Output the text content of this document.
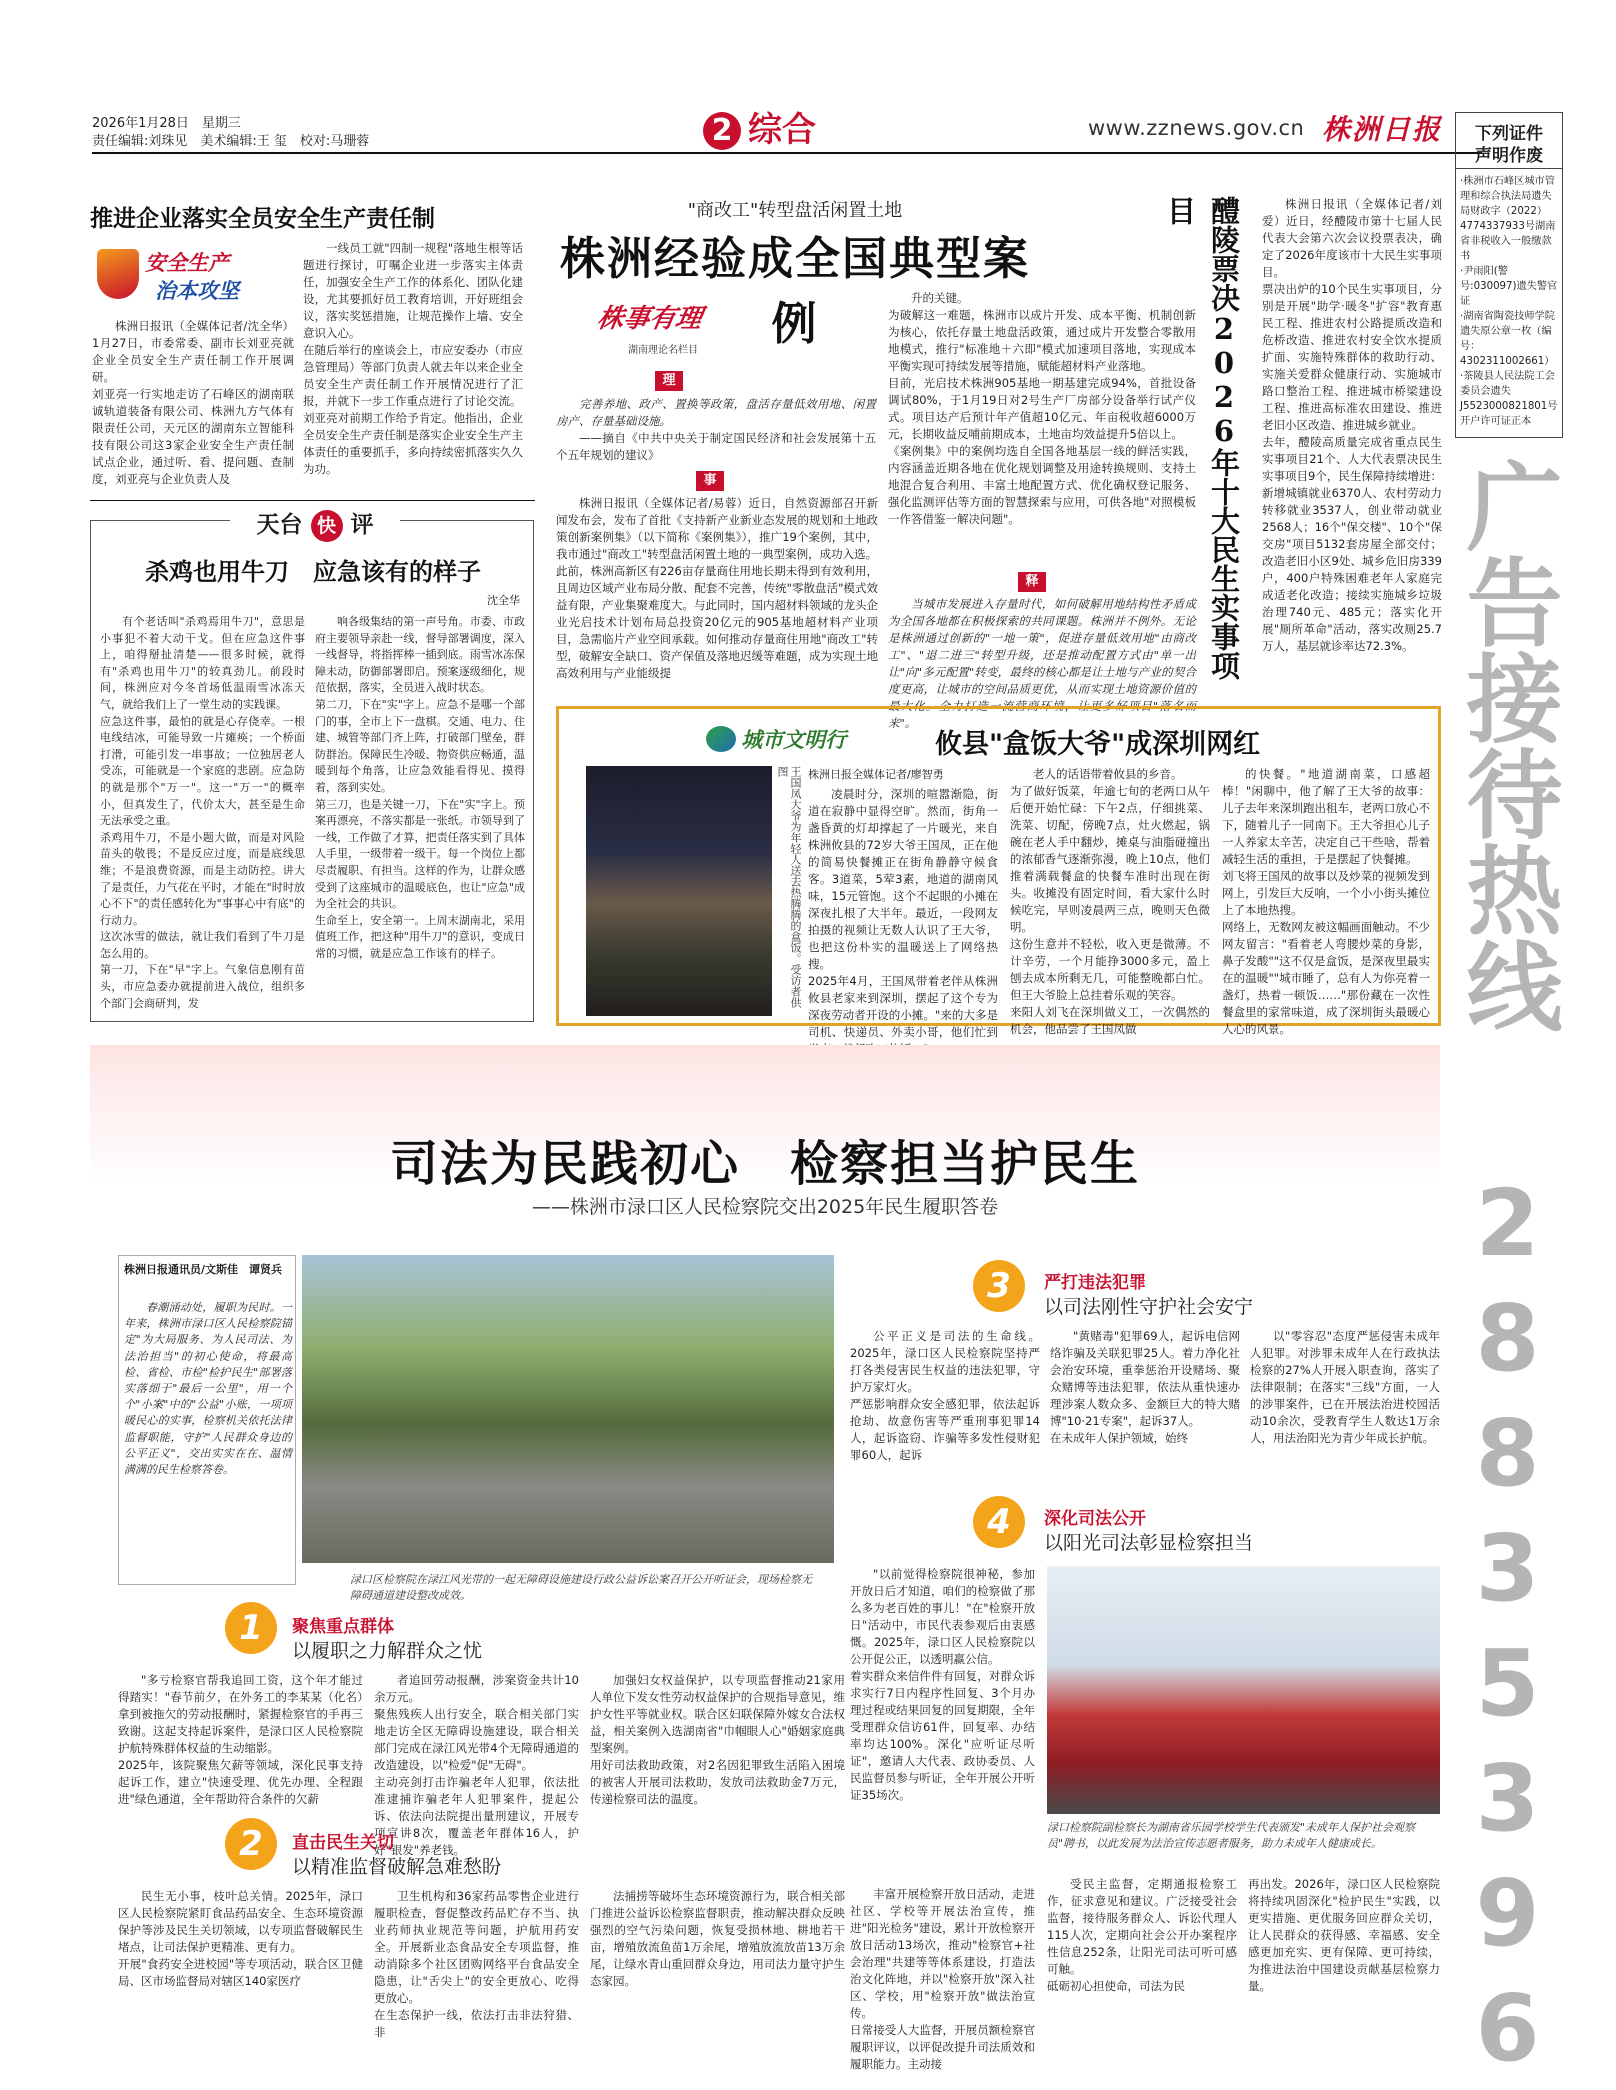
2026年1月28日　星期三
责任编辑:刘珠见　美术编辑:王 玺　校对:马珊蓉	2 综合	www.zznews.gov.cn 株洲日报	下列证件
声明作废
·株洲市石峰区城市管理和综合执法局遗失局财政字（2022）4774337933号湖南省非税收入一般缴款书
·尹雨阳(警号:030097)遗失警官证
·湖南省陶瓷技师学院遗失原公章一枚（编号：4302311002661）
·茶陵县人民法院工会委员会遗失J5523000821801号开户许可证正本
广告接待热线
28835396
推进企业落实全员安全生产责任制
安全生产
治本攻坚
株洲日报讯（全媒体记者/沈全华）1月27日，市委常委、副市长刘亚亮就企业全员安全生产责任制工作开展调研。
刘亚亮一行实地走访了石峰区的湖南联诚轨道装备有限公司、株洲九方气体有限责任公司，天元区的湖南东立智能科技有限公司这3家企业安全生产责任制试点企业，通过听、看、提问题、查制度，刘亚亮与企业负责人及
一线员工就"四制一规程"落地生根等话题进行探讨，叮嘱企业进一步落实主体责任，加强安全生产工作的体系化、团队化建设，尤其要抓好员工教育培训，开好班组会议，落实奖惩措施，让规范操作上墙、安全意识入心。
在随后举行的座谈会上，市应安委办（市应急管理局）等部门负责人就去年以来企业全员安全生产责任制工作开展情况进行了汇报，并就下一步工作重点进行了讨论交流。
刘亚亮对前期工作给予肯定。他指出，企业全员安全生产责任制是落实企业安全生产主体责任的重要抓手，多向持续密抓落实久久为功。
天台 快 评
杀鸡也用牛刀　应急该有的样子
沈全华
有个老话叫"杀鸡焉用牛刀"，意思是小事犯不着大动干戈。但在应急这件事上，咱得掰扯清楚——很多时候，就得有"杀鸡也用牛刀"的较真劲儿。前段时间，株洲应对今冬首场低温雨雪冰冻天气，就给我们上了一堂生动的实践课。
应急这件事，最怕的就是心存侥幸。一根电线结冰，可能导致一片瘫痪；一个桥面打滑，可能引发一串事故；一位独居老人受冻，可能就是一个家庭的悲剧。应急防的就是那个"万一"。这一"万一"的概率小，但真发生了，代价太大，甚至是生命无法承受之重。
杀鸡用牛刀，不是小题大做，而是对风险苗头的敬畏；不是反应过度，而是底线思维；不是浪费资源，而是主动防控。讲大了是责任，力气花在平时，才能在"时时放心不下"的责任感转化为"事事心中有底"的行动力。
这次冰雪的做法，就让我们看到了牛刀是怎么用的。
第一刀，下在"早"字上。气象信息刚有苗头，市应急委办就提前进入战位，组织多个部门会商研判，发
响各级集结的第一声号角。市委、市政府主要领导亲赴一线，督导部署调度，深入一线督导，将指挥棒一插到底。雨雪冰冻保障未动，防御部署即启。预案逐级细化，规范依据，落实，全员进入战时状态。
第二刀，下在"实"字上。应急不是哪一个部门的事，全市上下一盘棋。交通、电力、住建、城管等部门齐上阵，打破部门壁垒，群防群治。保障民生冷暖、物资供应畅通，温暖到每个角落，让应急效能看得见、摸得着，落到实处。
第三刀，也是关键一刀，下在"实"字上。预案再漂亮，不落实都是一张纸。市领导到了一线，工作做了才算，把责任落实到了具体人手里，一级带着一级干。每一个岗位上都尽责履职、有担当。这样的作为，让群众感受到了这座城市的温暖底色，也让"应急"成为全社会的共识。
生命至上，安全第一。上周末湖南北，采用值班工作，把这种"用牛刀"的意识，变成日常的习惯，就是应急工作该有的样子。
"商改工"转型盘活闲置土地
株洲经验成全国典型案例
株事有理
湖南理论名栏目
理
完善养地、政产、置换等政策，盘活存量低效用地、闲置房产、存量基础设施。
——摘自《中共中央关于制定国民经济和社会发展第十五个五年规划的建议》
事
株洲日报讯（全媒体记者/易蓉）近日，自然资源部召开新闻发布会，发布了首批《支持新产业新业态发展的规划和土地政策创新案例集》（以下简称《案例集》），推广19个案例，其中，我市通过"商改工"转型盘活闲置土地的一典型案例，成功入选。
此前，株洲高新区有226亩存量商住用地长期未得到有效利用，且周边区域产业布局分散、配套不完善，传统"零散盘活"模式效益有限，产业集聚难度大。与此同时，国内超材料领域的龙头企业光启技术计划布局总投资20亿元的905基地超材料产业项目，急需临片产业空间承载。如何推动存量商住用地"商改工"转型，破解安全缺口、资产保值及落地迟缓等难题，成为实现土地高效利用与产业能级提
升的关键。
为破解这一难题，株洲市以成片开发、成本平衡、机制创新为核心，依托存量土地盘活政策，通过成片开发整合零散用地模式，推行"标准地＋六即"模式加速项目落地，实现成本平衡实现可持续发展等措施，赋能超材料产业落地。
目前，光启技术株洲905基地一期基建完成94%，首批设备调试80%，于1月19日对2号生产厂房部分设备举行试产仪式。项目达产后预计年产值超10亿元、年亩税收超6000万元，长期收益反哺前期成本，土地亩均效益提升5倍以上。
《案例集》中的案例均选自全国各地基层一线的鲜活实践，内容涵盖近期各地在优化规划调整及用途转换规则、支持土地混合复合利用、丰富土地配置方式、优化确权登记服务、强化监测评估等方面的智慧探索与应用，可供各地"对照模板一作答借鉴一解决问题"。
释
当城市发展进入存量时代，如何破解用地结构性矛盾成为全国各地都在积极探索的共同课题。株洲并不例外。无论是株洲通过创新的"一地一策"，促进存量低效用地"由商改工"、"退二进三"转型升级，还是推动配置方式由"单一出让"向"多元配置"转变，最终的核心都是让土地与产业的契合度更高，让城市的空间品质更优，从而实现土地资源价值的最大化。全力打造一流营商环境，让更多好项目"落名而来"。
醴陵票决2026年十大民生实事项目	株洲日报讯（全媒体记者/刘爱）近日，经醴陵市第十七届人民代表大会第六次会议投票表决，确定了2026年度该市十大民生实事项目。
票决出炉的10个民生实事项目，分别是开展"助学·暖冬"扩容"教育惠民工程、推进农村公路提质改造和危桥改造、推进农村安全饮水提质扩面、实施特殊群体的救助行动、实施关爱群众健康行动、实施城市路口整治工程、推进城市桥梁建设工程、推进高标准农田建设、推进老旧小区改造、推进城乡就业。
去年，醴陵高质量完成省重点民生实事项目21个、人大代表票决民生实事项目9个，民生保障持续增进：新增城镇就业6370人、农村劳动力转移就业3537人，创业带动就业2568人；16个"保交楼"、10个"保交房"项目5132套房屋全部交付；改造老旧小区9处、城乡危旧房339户，400户特殊困难老年人家庭完成适老化改造；接续实施城乡垃圾治理740元、485元；落实化开展"厕所革命"活动，落实改厕25.7万人，基层就诊率达72.3%。
城市文明行	攸县"盒饭大爷"成深圳网红
王国凤大爷为年轻人送去热腾腾的盒饭。受访者供图	株洲日报全媒体记者/廖智勇
凌晨时分，深圳的喧嚣渐隐，街道在寂静中显得空旷。然而，街角一盏昏黄的灯却撑起了一片暖光，来自株洲攸县的72岁大爷王国凤，正在他的简易快餐摊正在街角静静守候食客。3道菜，5荤3素，地道的湖南风味，15元管饱。这个不起眼的小摊在深夜扎根了大半年。最近，一段网友拍摄的视频让无数人认识了王大爷，也把这份朴实的温暖送上了网络热搜。
2025年4月，王国凤带着老伴从株洲攸县老家来到深圳，摆起了这个专为深夜劳动者开设的小摊。"来的大多是司机、快递员、外卖小哥，他们忙到
老人的话语带着攸县的乡音。
为了做好饭菜，年逾七旬的老两口从午后便开始忙碌：下午2点，仔细挑菜、洗菜、切配，傍晚7点，灶火燃起，锅碗在老人手中翻炒，摊桌与油脂碰撞出的浓郁香气逐渐弥漫，晚上10点，他们推着满载餐盒的快餐车准时出现在街头。收摊没有固定时间，看大家什么时候吃完，早则凌晨两三点，晚则天色微明。
这份生意并不轻松，收入更是微薄。不计辛劳，一个月能挣3000多元，盈上刨去成本所剩无几，可能整晚都白忙。但王大爷脸上总挂着乐观的笑容。
来阳人刘飞在深圳做义工，一次偶然的机会，他品尝了王国凤做
的快餐。"地道湖南菜，口感超棒！"闲聊中，他了解了王大爷的故事：儿子去年来深圳跑出租车，老两口放心不下，随着儿子一同南下。王大爷担心儿子一人养家太辛苦，决定自己干些啥，帮着减轻生活的重担，于是摆起了快餐摊。
刘飞将王国凤的故事以及炒菜的视频发到网上，引发巨大反响，一个小小街头摊位上了本地热搜。
网络上，无数网友被这幅画面触动。不少网友留言："看着老人弯腰炒菜的身影，鼻子发酸""这不仅是盒饭，是深夜里最实在的温暖""城市睡了，总有人为你亮着一盏灯，热着一顿饭……"那份藏在一次性餐盒里的家常味道，成了深圳街头最暖心人心的风景。
司法为民践初心　检察担当护民生
——株洲市渌口区人民检察院交出2025年民生履职答卷
株洲日报通讯员/文斯佳　谭贤兵
春潮涌动处，履职为民时。一年来，株洲市渌口区人民检察院锚定"为大局服务、为人民司法、为法治担当"的初心使命，将最高检、省检、市检"检护民生"部署落实落细于"最后一公里"，用一个个"小案"中的"公益"小账，一项项暖民心的实事，检察机关依托法律监督职能，守护"人民群众身边的公平正义"，交出实实在在、温情满满的民生检察答卷。
渌口区检察院在渌江风光带的一起无障碍设施建设行政公益诉讼案召开公开听证会，现场检察无障碍通道建设整改成效。
1	聚焦重点群体
以履职之力解群众之忧
"多亏检察官帮我追回工资，这个年才能过得踏实！"春节前夕，在外务工的李某某（化名）拿到被拖欠的劳动报酬时，紧握检察官的手再三致谢。这起支持起诉案件，是渌口区人民检察院护航特殊群体权益的生动缩影。
2025年，该院聚焦欠薪等领域，深化民事支持起诉工作，建立"快速受理、优先办理、全程跟进"绿色通道，全年帮助符合条件的欠薪
者追回劳动报酬，涉案资金共计10余万元。
聚焦残疾人出行安全，联合相关部门实地走访全区无障碍设施建设，联合相关部门完成在渌江风光带4个无障碍通道的改造建设，以"检爱"促"无碍"。
主动亮剑打击诈骗老年人犯罪，依法批准逮捕诈骗老年人犯罪案件，提起公诉、依法向法院提出量刑建议，开展专项宣讲8次，覆盖老年群体16人，护好"银发"养老钱。
加强妇女权益保护，以专项监督推动21家用人单位下发女性劳动权益保护的合规指导意见，维护女性平等就业权。联合区妇联保障外嫁女合法权益，相关案例入选湖南省"巾帼眼人心"婚姻家庭典型案例。
用好司法救助政策，对2名因犯罪致生活陷入困境的被害人开展司法救助，发放司法救助金7万元，传递检察司法的温度。
2	直击民生关切
以精准监督破解急难愁盼
民生无小事，枝叶总关情。2025年，渌口区人民检察院紧盯食品药品安全、生态环境资源保护等涉及民生关切领域，以专项监督破解民生堵点，让司法保护更精准、更有力。
开展"食药安全进校园"等专项活动，联合区卫健局、区市场监督局对辖区140家医疗
卫生机构和36家药品零售企业进行履职检查，督促整改药品贮存不当、执业药师执业规范等问题，护航用药安全。开展新业态食品安全专项监督，推动消除多个社区团购网络平台食品安全隐患，让"舌尖上"的安全更放心、吃得更放心。
在生态保护一线，依法打击非法狩猎、非
法捕捞等破坏生态环境资源行为，联合相关部门推进公益诉讼检察监督职责，推动解决群众反映强烈的空气污染问题，恢复受损林地、耕地若干亩，增殖放流鱼苗1万余尾，增殖放流放苗13万余尾，让绿水青山重回群众身边，用司法力量守护生态家园。
3	严打违法犯罪
以司法刚性守护社会安宁
公平正义是司法的生命线。2025年，渌口区人民检察院坚持严打各类侵害民生权益的违法犯罪，守护万家灯火。
严惩影响群众安全感犯罪，依法起诉抢劫、故意伤害等严重刑事犯罪14人，起诉盗窃、诈骗等多发性侵财犯罪60人，起诉
"黄赌毒"犯罪69人，起诉电信网络诈骗及关联犯罪25人。着力净化社会治安环境，重拳惩治开设赌场、聚众赌博等违法犯罪，依法从重快速办理涉案人数众多、金额巨大的特大赌博"10·21专案"，起诉37人。
在未成年人保护领域，始终
以"零容忍"态度严惩侵害未成年人犯罪。对涉罪未成年人在行政执法检察的27%人开展入职查询，落实了法律限制；在落实"三线"方面，一人的涉罪案件，已在开展法治进校园活动10余次，受教育学生人数达1万余人，用法治阳光为青少年成长护航。
4	深化司法公开
以阳光司法彰显检察担当
"以前觉得检察院很神秘，参加开放日后才知道，咱们的检察做了那么多为老百姓的事儿！"在"检察开放日"活动中，市民代表参观后由衷感慨。2025年，渌口区人民检察院以公开促公正，以透明赢公信。
着实群众来信件件有回复，对群众诉求实行7日内程序性回复、3个月办理过程或结果回复的回复期限，全年受理群众信访61件，回复率、办结率均达100%。深化"应听证尽听证"，邀请人大代表、政协委员、人民监督员参与听证，全年开展公开听证35场次。
渌口检察院副检察长为湖南省乐园学校学生代表颁发"未成年人保护社会观察员"聘书，以此发展为法治宣传志愿者服务，助力未成年人健康成长。
丰富开展检察开放日活动，走进社区、学校等开展法治宣传，推进"阳光检务"建设，累计开放检察开放日活动13场次，推动"检察官+社会治理"共建等等体系建设，打造法治文化阵地，并以"检察开放"深入社区、学校，用"检察开放"做法治宣传。
日常接受人大监督，开展员额检察官履职评议，以评促改提升司法质效和履职能力。主动接
受民主监督，定期通报检察工作，征求意见和建议。广泛接受社会监督，接待服务群众人、诉讼代理人115人次，定期向社会公开办案程序性信息252条，让阳光司法可听可感可触。
砥砺初心担使命，司法为民
再出发。2026年，渌口区人民检察院将持续巩固深化"检护民生"实践，以更实措施、更优服务回应群众关切，让人民群众的获得感、幸福感、安全感更加充实、更有保障、更可持续，为推进法治中国建设贡献基层检察力量。
